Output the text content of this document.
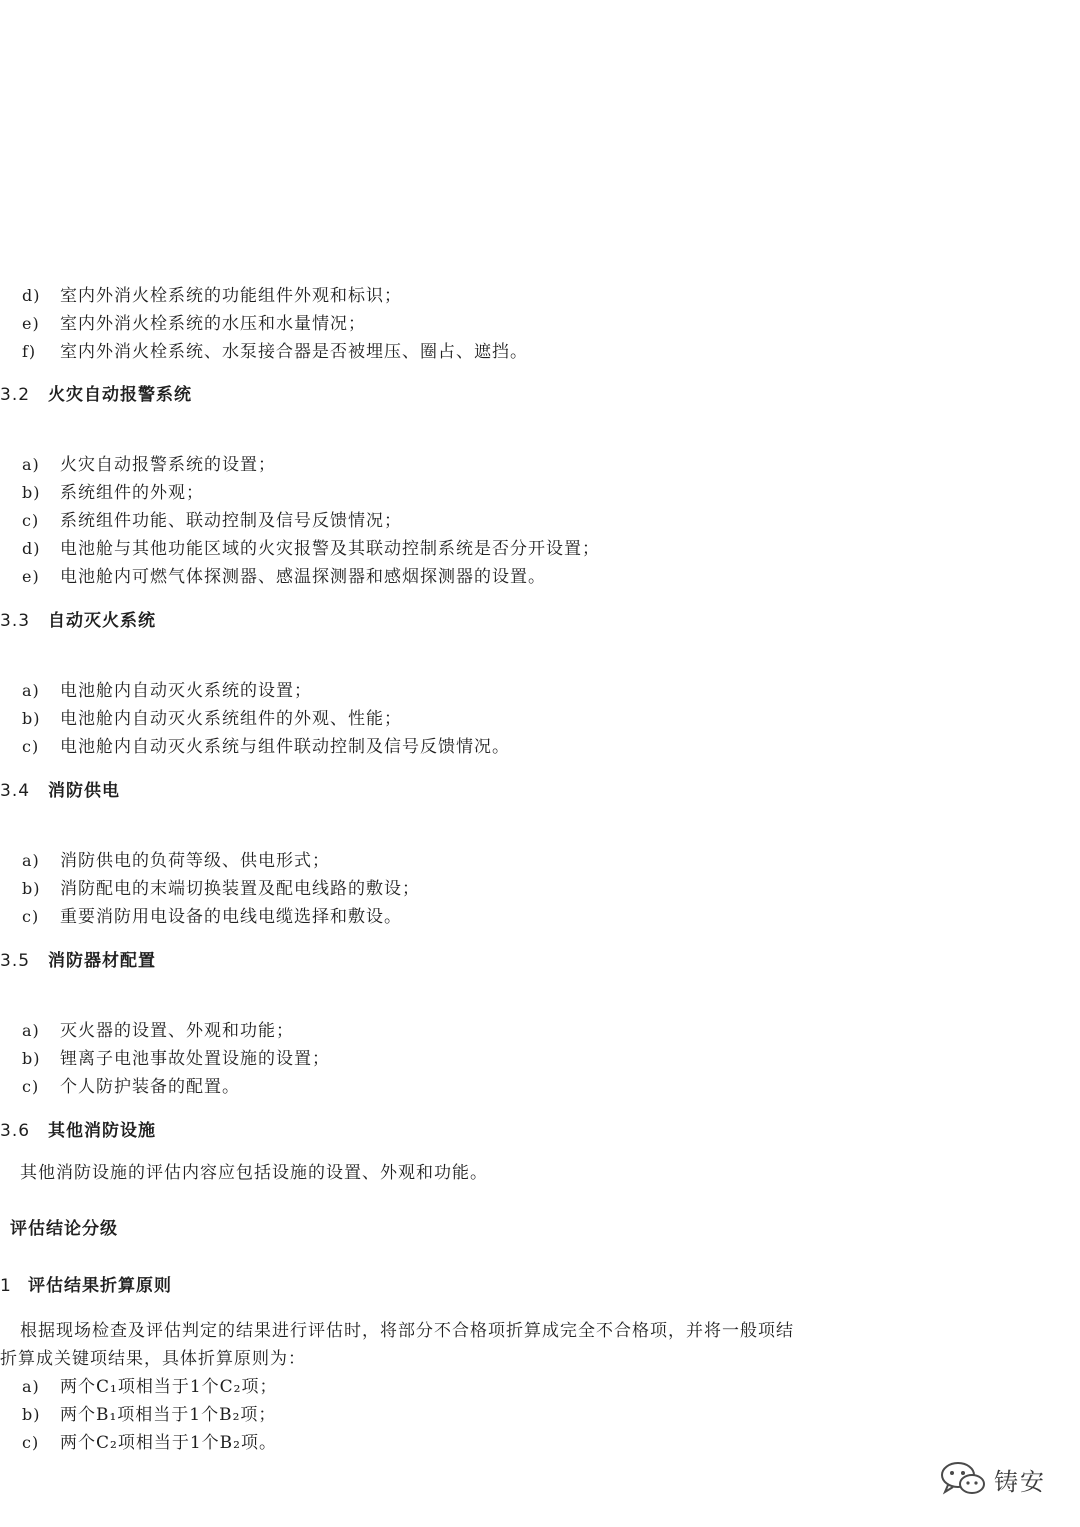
d) 室内外消火栓系统的功能组件外观和标识；
e) 室内外消火栓系统的水压和水量情况；
f) 室内外消火栓系统、水泵接合器是否被埋压、圈占、遮挡。
3.2 火灾自动报警系统
a) 火灾自动报警系统的设置；
b) 系统组件的外观；
c) 系统组件功能、联动控制及信号反馈情况；
d) 电池舱与其他功能区域的火灾报警及其联动控制系统是否分开设置；
e) 电池舱内可燃气体探测器、感温探测器和感烟探测器的设置。
3.3 自动灭火系统
a) 电池舱内自动灭火系统的设置；
b) 电池舱内自动灭火系统组件的外观、性能；
c) 电池舱内自动灭火系统与组件联动控制及信号反馈情况。
3.4 消防供电
a) 消防供电的负荷等级、供电形式；
b) 消防配电的末端切换装置及配电线路的敷设；
c) 重要消防用电设备的电线电缆选择和敷设。
3.5 消防器材配置
a) 灭火器的设置、外观和功能；
b) 锂离子电池事故处置设施的设置；
c) 个人防护装备的配置。
3.6 其他消防设施
其他消防设施的评估内容应包括设施的设置、外观和功能。
评估结论分级
1 评估结果折算原则
根据现场检查及评估判定的结果进行评估时，将部分不合格项折算成完全不合格项，并将一般项结
折算成关键项结果，具体折算原则为：
a) 两个C₁项相当于1个C₂项；
b) 两个B₁项相当于1个B₂项；
c) 两个C₂项相当于1个B₂项。
铸安
